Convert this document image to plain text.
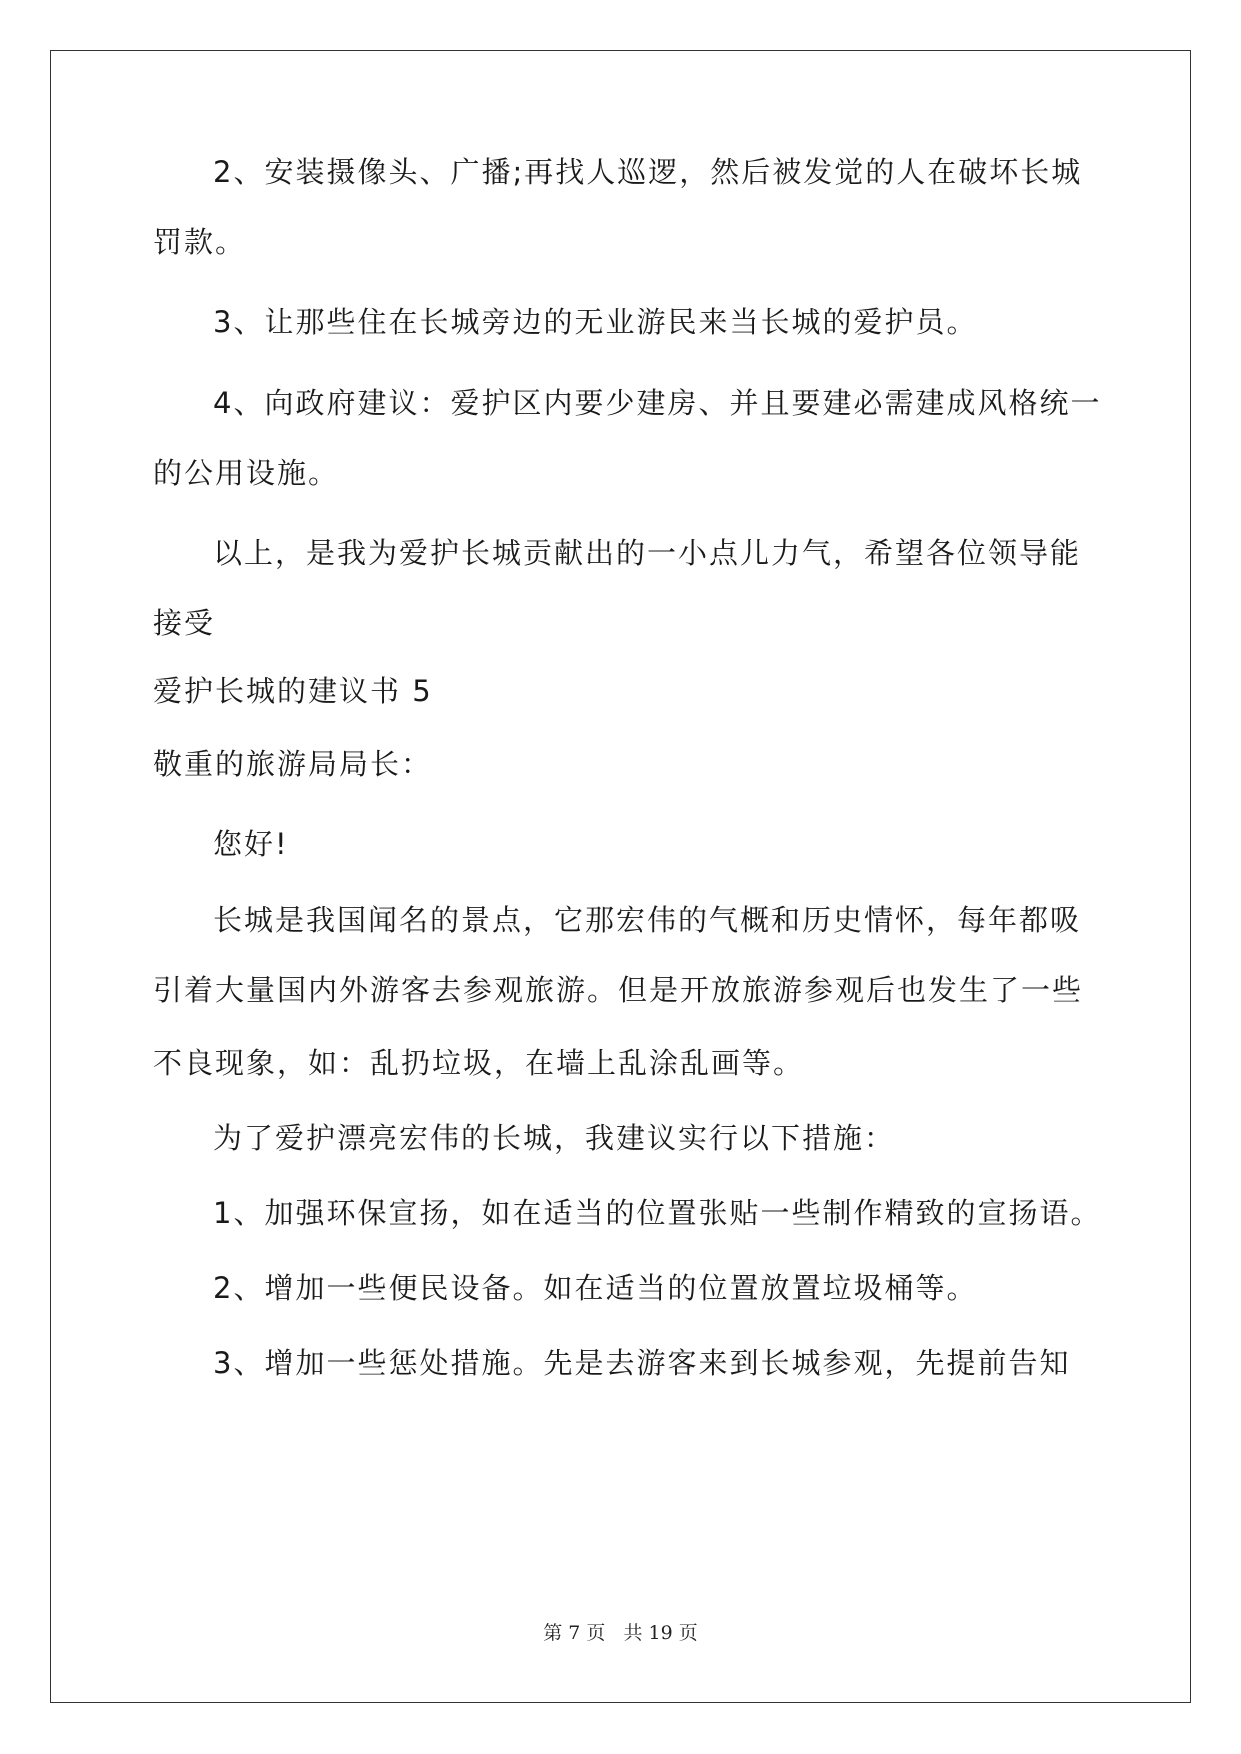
2、安装摄像头、广播;再找人巡逻，然后被发觉的人在破坏长城
罚款。
3、让那些住在长城旁边的无业游民来当长城的爱护员。
4、向政府建议：爱护区内要少建房、并且要建必需建成风格统一
的公用设施。
以上，是我为爱护长城贡献出的一小点儿力气，希望各位领导能
接受
爱护长城的建议书 5
敬重的旅游局局长：
您好!
长城是我国闻名的景点，它那宏伟的气概和历史情怀，每年都吸
引着大量国内外游客去参观旅游。但是开放旅游参观后也发生了一些
不良现象，如：乱扔垃圾，在墙上乱涂乱画等。
为了爱护漂亮宏伟的长城，我建议实行以下措施：
1、加强环保宣扬，如在适当的位置张贴一些制作精致的宣扬语。
2、增加一些便民设备。如在适当的位置放置垃圾桶等。
3、增加一些惩处措施。先是去游客来到长城参观，先提前告知
第 7 页 共 19 页
